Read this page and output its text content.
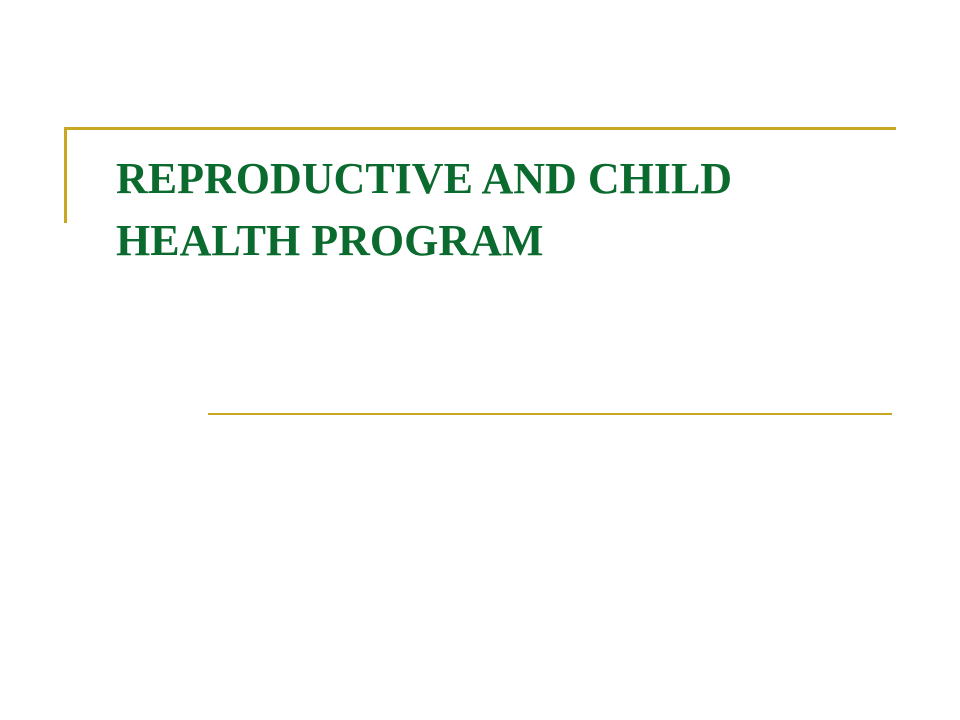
REPRODUCTIVE AND CHILD
HEALTH PROGRAM
